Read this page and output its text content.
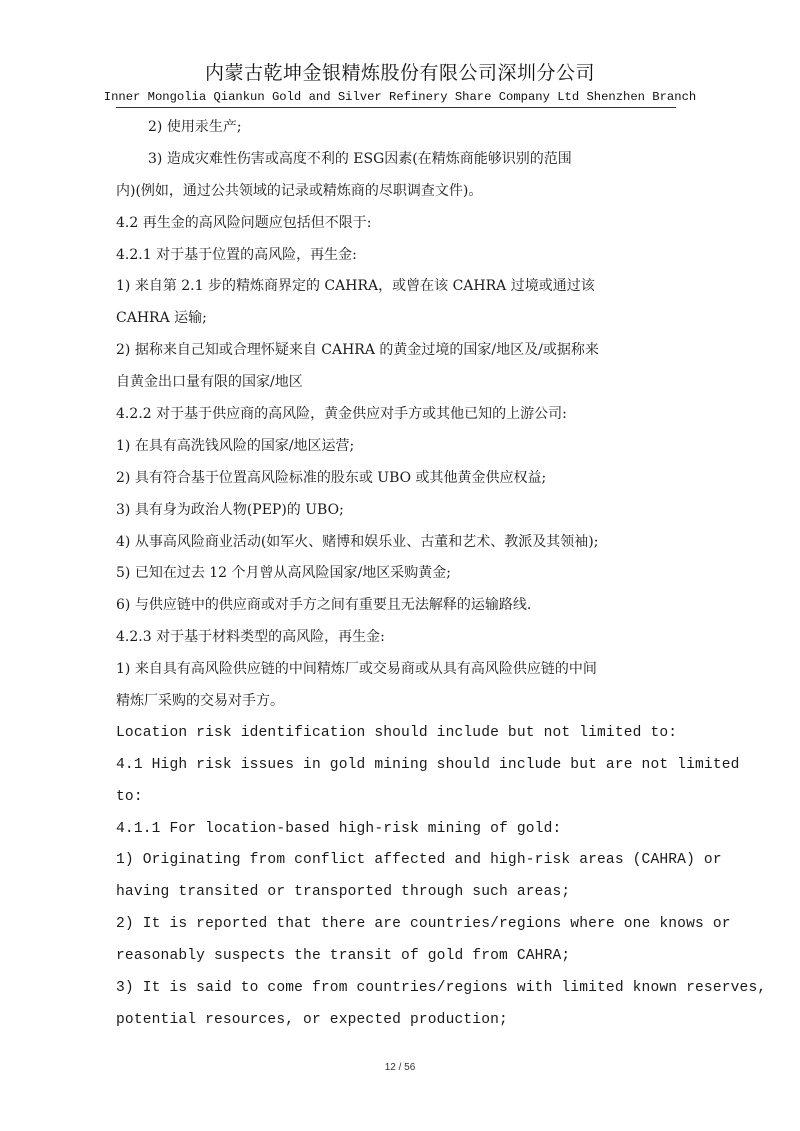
内蒙古乾坤金银精炼股份有限公司深圳分公司
Inner Mongolia Qiankun Gold and Silver Refinery Share Company Ltd Shenzhen Branch
2) 使用汞生产;
3) 造成灾难性伤害或高度不利的 ESG因素(在精炼商能够识别的范围
内)(例如，通过公共领域的记录或精炼商的尽职调查文件)。
4.2 再生金的高风险问题应包括但不限于:
4.2.1 对于基于位置的高风险，再生金:
1) 来自第 2.1 步的精炼商界定的 CAHRA，或曾在该 CAHRA 过境或通过该
CAHRA 运输;
2) 据称来自己知或合理怀疑来自 CAHRA 的黄金过境的国家/地区及/或据称来
自黄金出口量有限的国家/地区
4.2.2 对于基于供应商的高风险，黄金供应对手方或其他已知的上游公司:
1) 在具有高洗钱风险的国家/地区运营;
2) 具有符合基于位置高风险标准的股东或 UBO 或其他黄金供应权益;
3) 具有身为政治人物(PEP)的 UBO;
4) 从事高风险商业活动(如军火、赌博和娱乐业、古董和艺术、教派及其领袖);
5) 已知在过去 12 个月曾从高风险国家/地区采购黄金;
6) 与供应链中的供应商或对手方之间有重要且无法解释的运输路线.
4.2.3 对于基于材料类型的高风险，再生金:
1) 来自具有高风险供应链的中间精炼厂或交易商或从具有高风险供应链的中间
精炼厂采购的交易对手方。
Location risk identification should include but not limited to:
4.1 High risk issues in gold mining should include but are not limited
to:
4.1.1 For location-based high-risk mining of gold:
1) Originating from conflict affected and high-risk areas (CAHRA) or
having transited or transported through such areas;
2) It is reported that there are countries/regions where one knows or
reasonably suspects the transit of gold from CAHRA;
3) It is said to come from countries/regions with limited known reserves,
potential resources, or expected production;
12 / 56
